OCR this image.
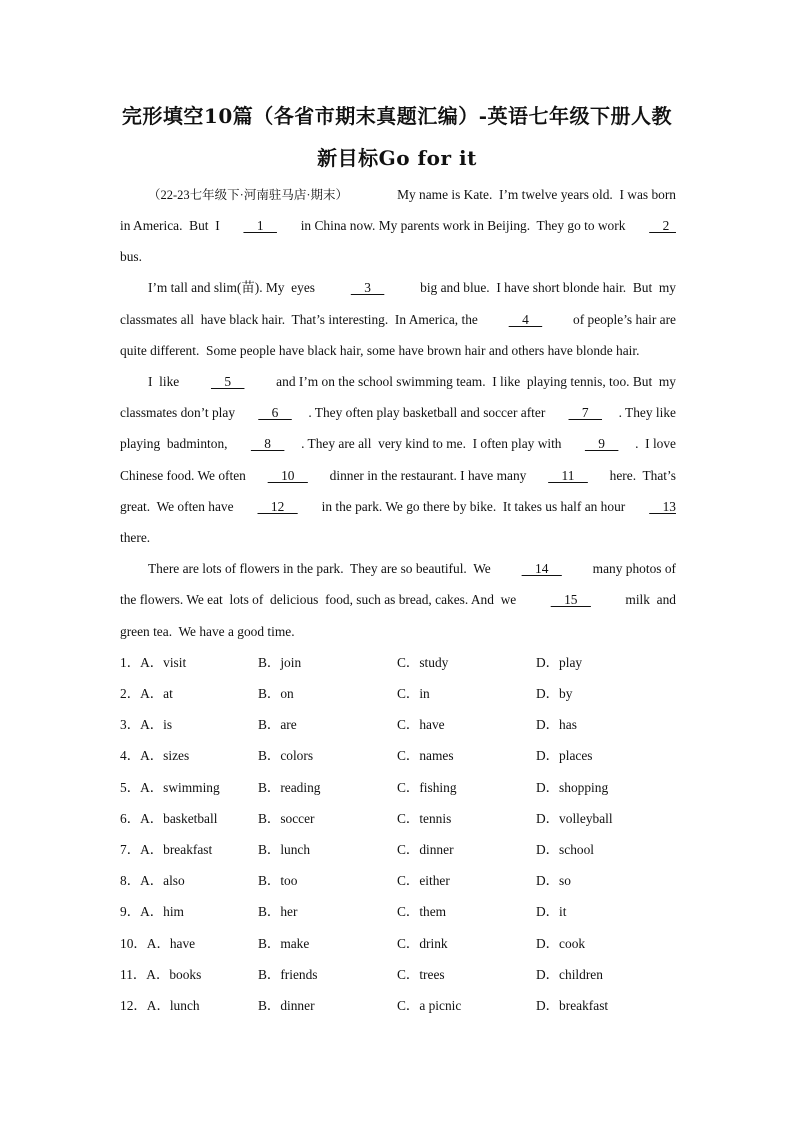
完形填空10篇（各省市期末真题汇编）-英语七年级下册人教
新目标Go for it
（22-23七年级下·河南驻马店·期末）	My name is Kate.  I’m twelve years old.  I was born
in America.  But  I 1 in China now. My parents work in Beijing.  They go to work 2
bus.
I’m tall and slim(苗). My  eyes 3 big and blue.  I have short blonde hair.  But  my
classmates all  have black hair.  That’s interesting.  In America, the 4 of people’s hair are
quite different.  Some people have black hair, some have brown hair and others have blonde hair.
I  like 5 and I’m on the school swimming team.  I like  playing tennis, too. But  my
classmates don’t play 6 . They often play basketball and soccer after 7 . They like
playing  badminton, 8 . They are all  very kind to me.  I often play with 9 .  I love
Chinese food. We often 10 dinner in the restaurant. I have many 11 here.  That’s
great.  We often have 12 in the park. We go there by bike.  It takes us half an hour 13
there.
There are lots of flowers in the park.  They are so beautiful.  We 14 many photos of
the flowers. We eat  lots of  delicious  food, such as bread, cakes. And  we 15 milk  and
green tea.  We have a good time.
1．A．visit	B．join	C．study	D．play
2．A．at	B．on	C．in	D．by
3．A．is	B．are	C．have	D．has
4．A．sizes	B．colors	C．names	D．places
5．A．swimming	B．reading	C．fishing	D．shopping
6．A．basketball	B．soccer	C．tennis	D．volleyball
7．A．breakfast	B．lunch	C．dinner	D．school
8．A．also	B．too	C．either	D．so
9．A．him	B．her	C．them	D．it
10．A．have	B．make	C．drink	D．cook
11．A．books	B．friends	C．trees	D．children
12．A．lunch	B．dinner	C．a picnic	D．breakfast
